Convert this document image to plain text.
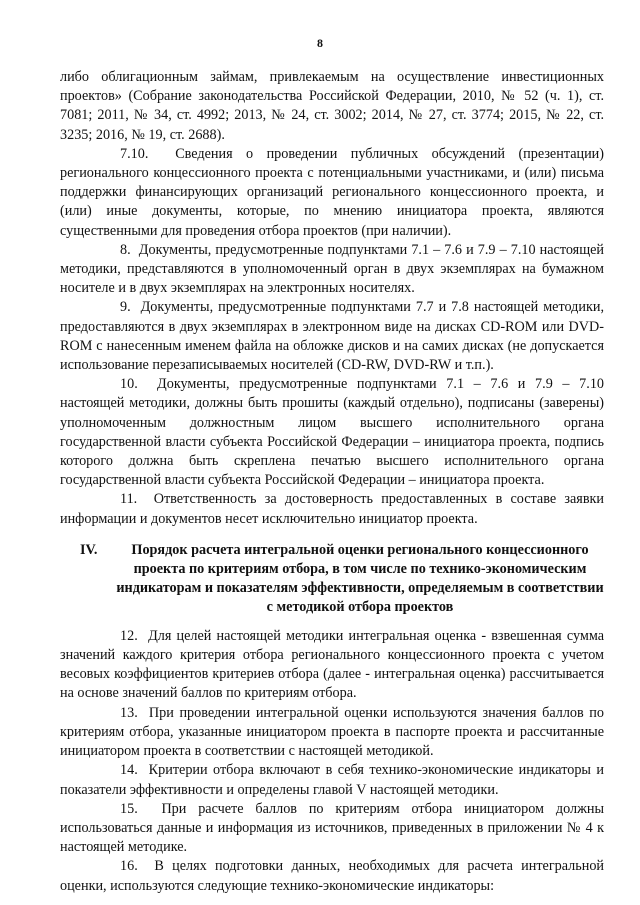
8

либо облигационным займам, привлекаемым на осуществление инвестиционных проектов» (Собрание законодательства Российской Федерации, 2010, № 52 (ч. 1), ст. 7081; 2011, № 34, ст. 4992; 2013, № 24, ст. 3002; 2014, № 27, ст. 3774; 2015, № 22, ст. 3235; 2016, № 19, ст. 2688).

7.10. Сведения о проведении публичных обсуждений (презентации) регионального концессионного проекта с потенциальными участниками, и (или) письма поддержки финансирующих организаций регионального концессионного проекта, и (или) иные документы, которые, по мнению инициатора проекта, являются существенными для проведения отбора проектов (при наличии).

8. Документы, предусмотренные подпунктами 7.1 – 7.6 и 7.9 – 7.10 настоящей методики, представляются в уполномоченный орган в двух экземплярах на бумажном носителе и в двух экземплярах на электронных носителях.

9. Документы, предусмотренные подпунктами 7.7 и 7.8 настоящей методики, предоставляются в двух экземплярах в электронном виде на дисках CD-ROM или DVD-ROM с нанесенным именем файла на обложке дисков и на самих дисках (не допускается использование перезаписываемых носителей (CD-RW, DVD-RW и т.п.).

10. Документы, предусмотренные подпунктами 7.1 – 7.6 и 7.9 – 7.10 настоящей методики, должны быть прошиты (каждый отдельно), подписаны (заверены) уполномоченным должностным лицом высшего исполнительного органа государственной власти субъекта Российской Федерации – инициатора проекта, подпись которого должна быть скреплена печатью высшего исполнительного органа государственной власти субъекта Российской Федерации – инициатора проекта.

11. Ответственность за достоверность предоставленных в составе заявки информации и документов несет исключительно инициатор проекта.

IV.	Порядок расчета интегральной оценки регионального концессионного проекта по критериям отбора, в том числе по технико-экономическим индикаторам и показателям эффективности, определяемым в соответствии с методикой отбора проектов

12. Для целей настоящей методики интегральная оценка - взвешенная сумма значений каждого критерия отбора регионального концессионного проекта с учетом весовых коэффициентов критериев отбора (далее - интегральная оценка) рассчитывается на основе значений баллов по критериям отбора.

13. При проведении интегральной оценки используются значения баллов по критериям отбора, указанные инициатором проекта в паспорте проекта и рассчитанные инициатором проекта в соответствии с настоящей методикой.

14. Критерии отбора включают в себя технико-экономические индикаторы и показатели эффективности и определены главой V настоящей методики.

15. При расчете баллов по критериям отбора инициатором должны использоваться данные и информация из источников, приведенных в приложении № 4 к настоящей методике.

16. В целях подготовки данных, необходимых для расчета интегральной оценки, используются следующие технико-экономические индикаторы:
